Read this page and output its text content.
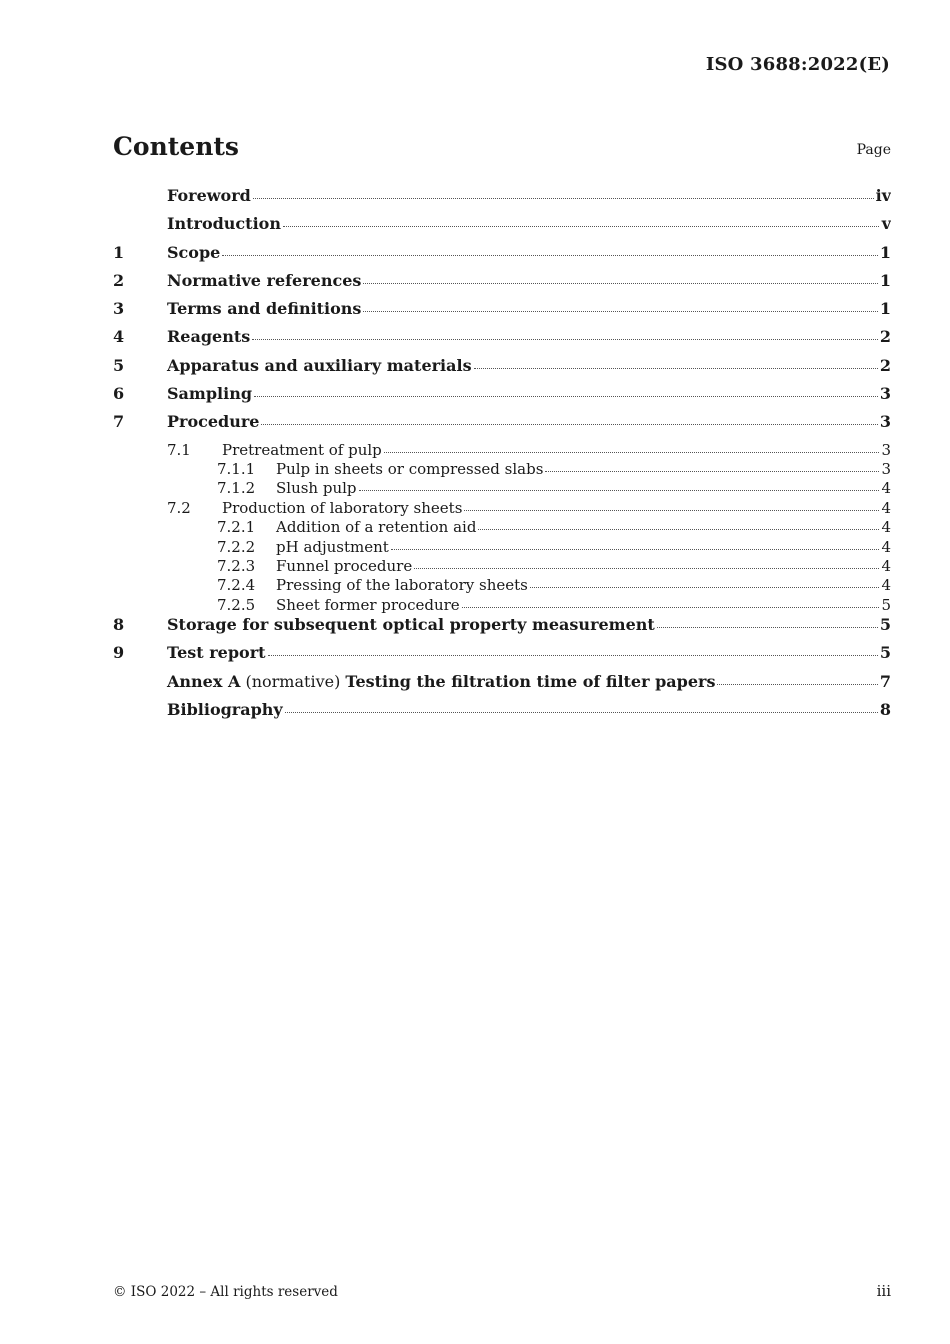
ISO 3688:2022(E)
Contents	Page
Foreword	iv
Introduction	v
1	Scope	1
2	Normative references	1
3	Terms and definitions	1
4	Reagents	2
5	Apparatus and auxiliary materials	2
6	Sampling	3
7	Procedure	3
7.1	Pretreatment of pulp	3
7.1.1	Pulp in sheets or compressed slabs	3
7.1.2	Slush pulp	4
7.2	Production of laboratory sheets	4
7.2.1	Addition of a retention aid	4
7.2.2	pH adjustment	4
7.2.3	Funnel procedure	4
7.2.4	Pressing of the laboratory sheets	4
7.2.5	Sheet former procedure	5
8	Storage for subsequent optical property measurement	5
9	Test report	5
Annex A (normative) Testing the filtration time of filter papers	7
Bibliography	8
© ISO 2022 – All rights reserved	iii
